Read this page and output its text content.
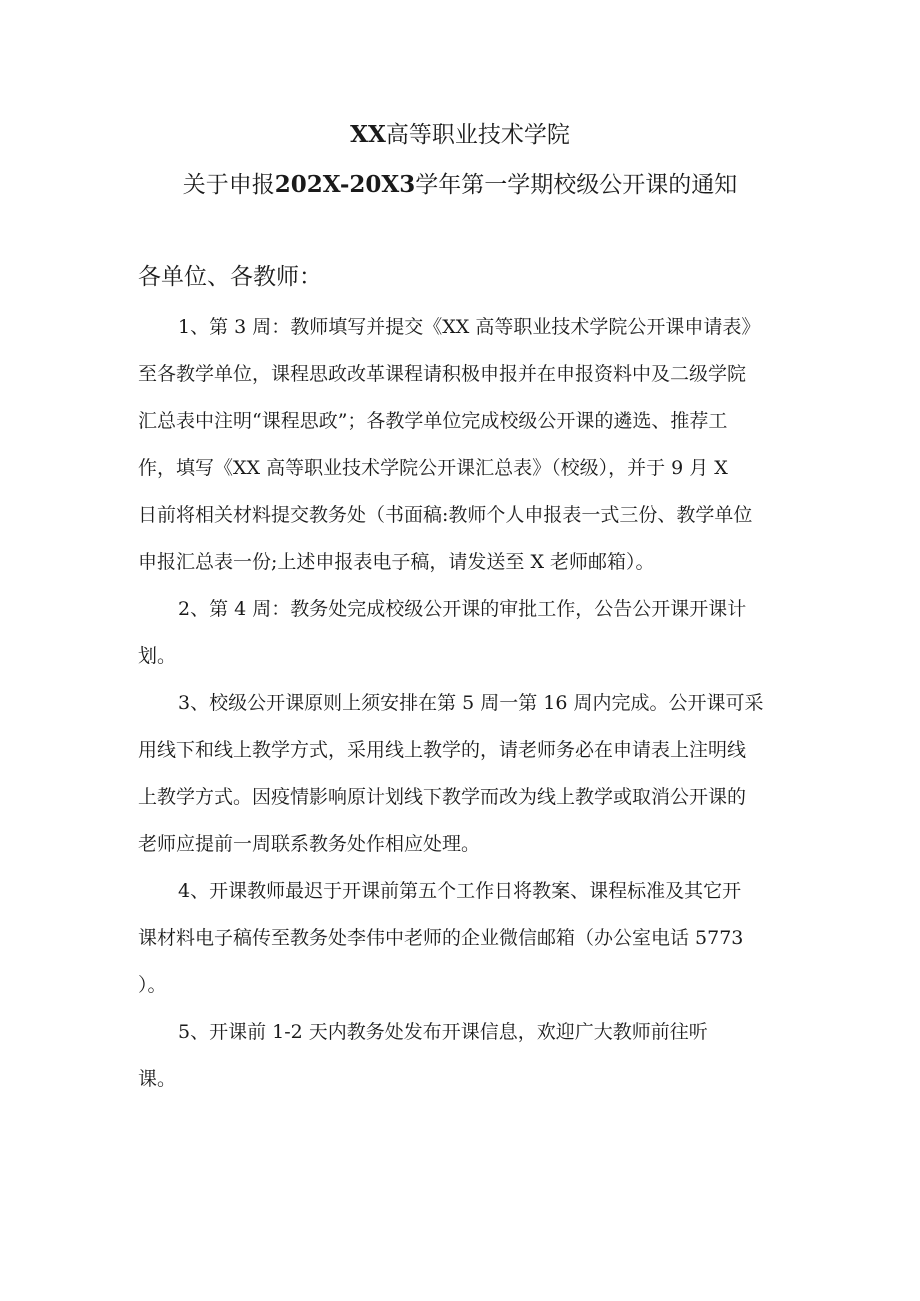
XX高等职业技术学院
关于申报202X-20X3学年第一学期校级公开课的通知
各单位、各教师：
1、第 3 周：教师填写并提交《XX 高等职业技术学院公开课申请表》
至各教学单位，课程思政改革课程请积极申报并在申报资料中及二级学院
汇总表中注明“课程思政”；各教学单位完成校级公开课的遴选、推荐工
作，填写《XX 高等职业技术学院公开课汇总表》（校级），并于 9 月 X
日前将相关材料提交教务处（书面稿:教师个人申报表一式三份、教学单位
申报汇总表一份;上述申报表电子稿，请发送至 X 老师邮箱）。
2、第 4 周：教务处完成校级公开课的审批工作，公告公开课开课计
划。
3、校级公开课原则上须安排在第 5 周一第 16 周内完成。公开课可采
用线下和线上教学方式，采用线上教学的，请老师务必在申请表上注明线
上教学方式。因疫情影响原计划线下教学而改为线上教学或取消公开课的
老师应提前一周联系教务处作相应处理。
4、开课教师最迟于开课前第五个工作日将教案、课程标准及其它开
课材料电子稿传至教务处李伟中老师的企业微信邮箱（办公室电话 5773
）。
5、开课前 1-2 天内教务处发布开课信息，欢迎广大教师前往听
课。
